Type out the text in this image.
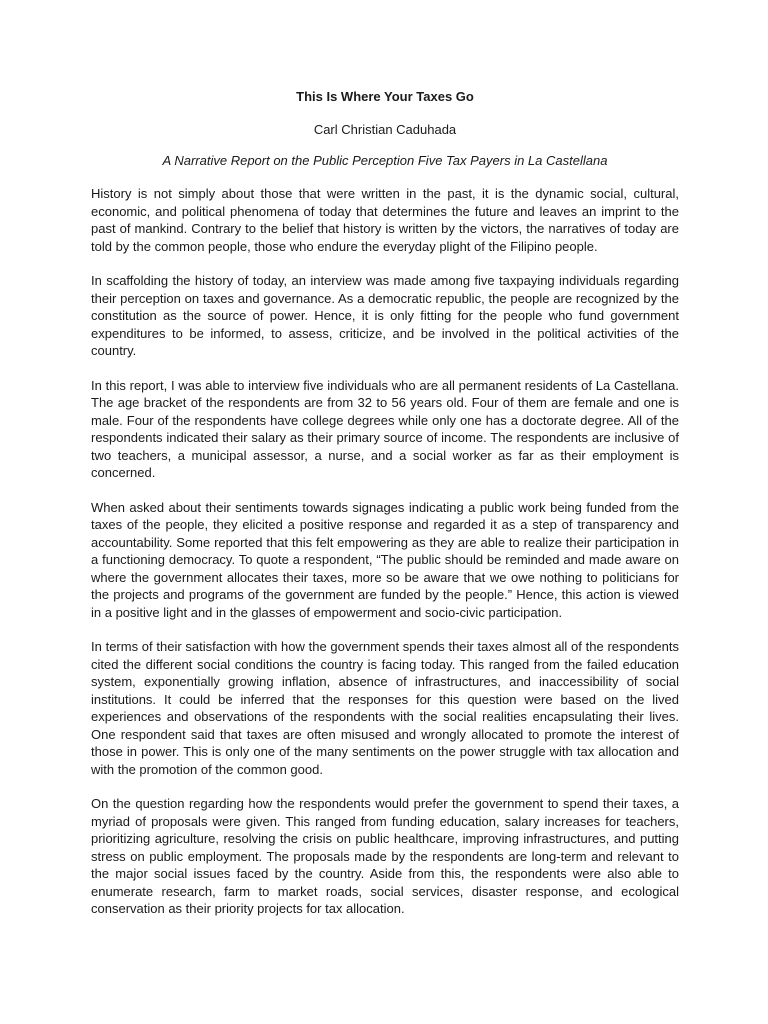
This Is Where Your Taxes Go

Carl Christian Caduhada

A Narrative Report on the Public Perception Five Tax Payers in La Castellana

History is not simply about those that were written in the past, it is the dynamic social, cultural, economic, and political phenomena of today that determines the future and leaves an imprint to the past of mankind. Contrary to the belief that history is written by the victors, the narratives of today are told by the common people, those who endure the everyday plight of the Filipino people.

In scaffolding the history of today, an interview was made among five taxpaying individuals regarding their perception on taxes and governance. As a democratic republic, the people are recognized by the constitution as the source of power. Hence, it is only fitting for the people who fund government expenditures to be informed, to assess, criticize, and be involved in the political activities of the country.

In this report, I was able to interview five individuals who are all permanent residents of La Castellana. The age bracket of the respondents are from 32 to 56 years old. Four of them are female and one is male. Four of the respondents have college degrees while only one has a doctorate degree. All of the respondents indicated their salary as their primary source of income. The respondents are inclusive of two teachers, a municipal assessor, a nurse, and a social worker as far as their employment is concerned.

When asked about their sentiments towards signages indicating a public work being funded from the taxes of the people, they elicited a positive response and regarded it as a step of transparency and accountability. Some reported that this felt empowering as they are able to realize their participation in a functioning democracy. To quote a respondent, “The public should be reminded and made aware on where the government allocates their taxes, more so be aware that we owe nothing to politicians for the projects and programs of the government are funded by the people.” Hence, this action is viewed in a positive light and in the glasses of empowerment and socio-civic participation.

In terms of their satisfaction with how the government spends their taxes almost all of the respondents cited the different social conditions the country is facing today. This ranged from the failed education system, exponentially growing inflation, absence of infrastructures, and inaccessibility of social institutions. It could be inferred that the responses for this question were based on the lived experiences and observations of the respondents with the social realities encapsulating their lives. One respondent said that taxes are often misused and wrongly allocated to promote the interest of those in power. This is only one of the many sentiments on the power struggle with tax allocation and with the promotion of the common good.

On the question regarding how the respondents would prefer the government to spend their taxes, a myriad of proposals were given. This ranged from funding education, salary increases for teachers, prioritizing agriculture, resolving the crisis on public healthcare, improving infrastructures, and putting stress on public employment. The proposals made by the respondents are long-term and relevant to the major social issues faced by the country. Aside from this, the respondents were also able to enumerate research, farm to market roads, social services, disaster response, and ecological conservation as their priority projects for tax allocation.
